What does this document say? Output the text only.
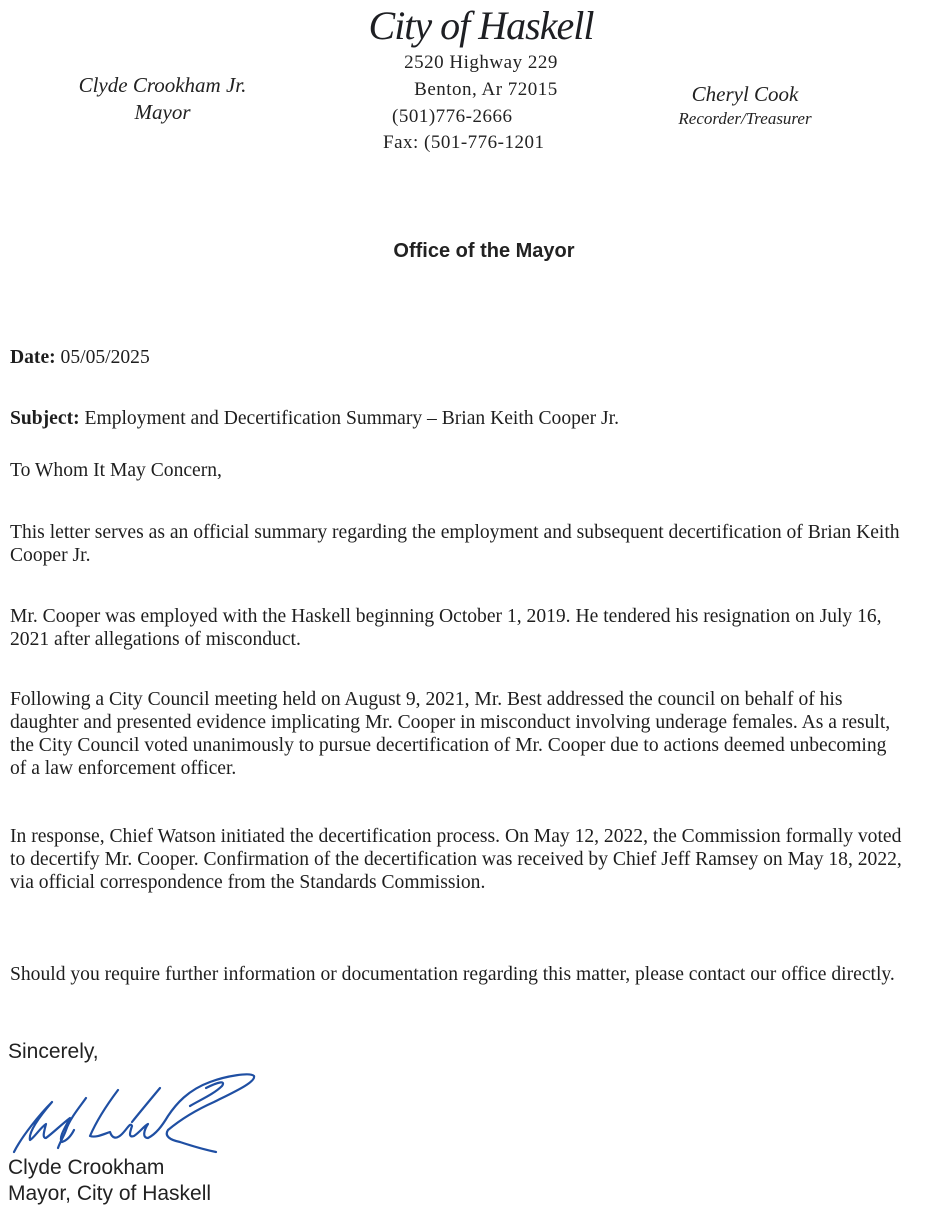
City of Haskell
2520 Highway 229
Benton, Ar 72015
(501)776-2666
Fax: (501-776-1201
Clyde Crookham Jr.
Mayor
Cheryl Cook
Recorder/Treasurer
Office of the Mayor
Date: 05/05/2025
Subject: Employment and Decertification Summary – Brian Keith Cooper Jr.
To Whom It May Concern,
This letter serves as an official summary regarding the employment and subsequent decertification of Brian Keith Cooper Jr.
Mr. Cooper was employed with the Haskell beginning October 1, 2019. He tendered his resignation on July 16, 2021 after allegations of misconduct.
Following a City Council meeting held on August 9, 2021, Mr. Best addressed the council on behalf of his daughter and presented evidence implicating Mr. Cooper in misconduct involving underage females. As a result, the City Council voted unanimously to pursue decertification of Mr. Cooper due to actions deemed unbecoming of a law enforcement officer.
In response, Chief Watson initiated the decertification process. On May 12, 2022, the Commission formally voted to decertify Mr. Cooper. Confirmation of the decertification was received by Chief Jeff Ramsey on May 18, 2022, via official correspondence from the Standards Commission.
Should you require further information or documentation regarding this matter, please contact our office directly.
Sincerely,
Clyde Crookham
Mayor, City of Haskell
